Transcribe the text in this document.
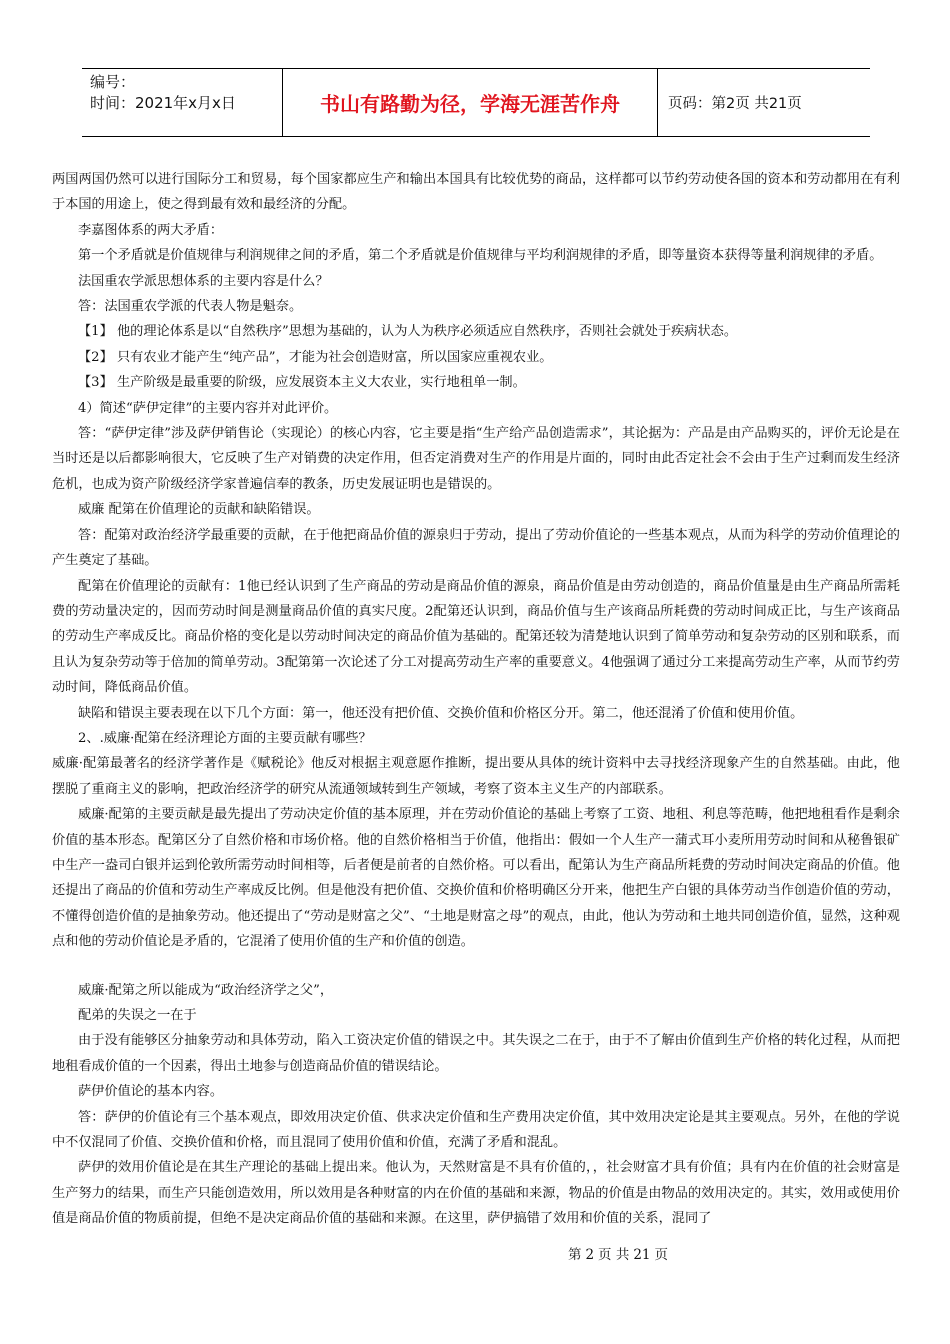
编号：
时间：2021年x月x日	书山有路勤为径，学海无涯苦作舟	页码：第2页 共21页

两国两国仍然可以进行国际分工和贸易，每个国家都应生产和输出本国具有比较优势的商品，这样都可以节约劳动使各国的资本和劳动都用在有利于本国的用途上，使之得到最有效和最经济的分配。

李嘉图体系的两大矛盾：

第一个矛盾就是价值规律与利润规律之间的矛盾，第二个矛盾就是价值规律与平均利润规律的矛盾，即等量资本获得等量利润规律的矛盾。

法国重农学派思想体系的主要内容是什么？

答：法国重农学派的代表人物是魁奈。

【1】 他的理论体系是以“自然秩序”思想为基础的，认为人为秩序必须适应自然秩序，否则社会就处于疾病状态。

【2】 只有农业才能产生“纯产品”，才能为社会创造财富，所以国家应重视农业。

【3】 生产阶级是最重要的阶级，应发展资本主义大农业，实行地租单一制。

4）简述“萨伊定律”的主要内容并对此评价。

答：“萨伊定律”涉及萨伊销售论（实现论）的核心内容，它主要是指“生产给产品创造需求”，其论据为：产品是由产品购买的，评价无论是在当时还是以后都影响很大，它反映了生产对销费的决定作用，但否定消费对生产的作用是片面的，同时由此否定社会不会由于生产过剩而发生经济危机，也成为资产阶级经济学家普遍信奉的教条，历史发展证明也是错误的。

威廉 配第在价值理论的贡献和缺陷错误。

答：配第对政治经济学最重要的贡献，在于他把商品价值的源泉归于劳动，提出了劳动价值论的一些基本观点，从而为科学的劳动价值理论的产生奠定了基础。

配第在价值理论的贡献有：1他已经认识到了生产商品的劳动是商品价值的源泉，商品价值是由劳动创造的，商品价值量是由生产商品所需耗费的劳动量决定的，因而劳动时间是测量商品价值的真实尺度。2配第还认识到，商品价值与生产该商品所耗费的劳动时间成正比，与生产该商品的劳动生产率成反比。商品价格的变化是以劳动时间决定的商品价值为基础的。配第还较为清楚地认识到了简单劳动和复杂劳动的区别和联系，而且认为复杂劳动等于倍加的简单劳动。3配第第一次论述了分工对提高劳动生产率的重要意义。4他强调了通过分工来提高劳动生产率，从而节约劳动时间，降低商品价值。

缺陷和错误主要表现在以下几个方面：第一，他还没有把价值、交换价值和价格区分开。第二，他还混淆了价值和使用价值。

2、.威廉·配第在经济理论方面的主要贡献有哪些？

威廉·配第最著名的经济学著作是《赋税论》他反对根据主观意愿作推断，提出要从具体的统计资料中去寻找经济现象产生的自然基础。由此，他摆脱了重商主义的影响，把政治经济学的研究从流通领域转到生产领域，考察了资本主义生产的内部联系。

威廉·配第的主要贡献是最先提出了劳动决定价值的基本原理，并在劳动价值论的基础上考察了工资、地租、利息等范畴，他把地租看作是剩余价值的基本形态。配第区分了自然价格和市场价格。他的自然价格相当于价值，他指出：假如一个人生产一蒲式耳小麦所用劳动时间和从秘鲁银矿中生产一盎司白银并运到伦敦所需劳动时间相等，后者便是前者的自然价格。可以看出，配第认为生产商品所耗费的劳动时间决定商品的价值。他还提出了商品的价值和劳动生产率成反比例。但是他没有把价值、交换价值和价格明确区分开来，他把生产白银的具体劳动当作创造价值的劳动，不懂得创造价值的是抽象劳动。他还提出了“劳动是财富之父”、“土地是财富之母”的观点，由此，他认为劳动和土地共同创造价值，显然，这种观点和他的劳动价值论是矛盾的，它混淆了使用价值的生产和价值的创造。

威廉·配第之所以能成为“政治经济学之父”，

配弟的失误之一在于

由于没有能够区分抽象劳动和具体劳动，陷入工资决定价值的错误之中。其失误之二在于，由于不了解由价值到生产价格的转化过程，从而把地租看成价值的一个因素，得出土地参与创造商品价值的错误结论。

萨伊价值论的基本内容。

答：萨伊的价值论有三个基本观点，即效用决定价值、供求决定价值和生产费用决定价值，其中效用决定论是其主要观点。另外，在他的学说中不仅混同了价值、交换价值和价格，而且混同了使用价值和价值，充满了矛盾和混乱。

萨伊的效用价值论是在其生产理论的基础上提出来。他认为，天然财富是不具有价值的，，社会财富才具有价值；具有内在价值的社会财富是生产努力的结果，而生产只能创造效用，所以效用是各种财富的内在价值的基础和来源，物品的价值是由物品的效用决定的。其实，效用或使用价值是商品价值的物质前提，但绝不是决定商品价值的基础和来源。在这里，萨伊搞错了效用和价值的关系，混同了

第 2 页 共 21 页
